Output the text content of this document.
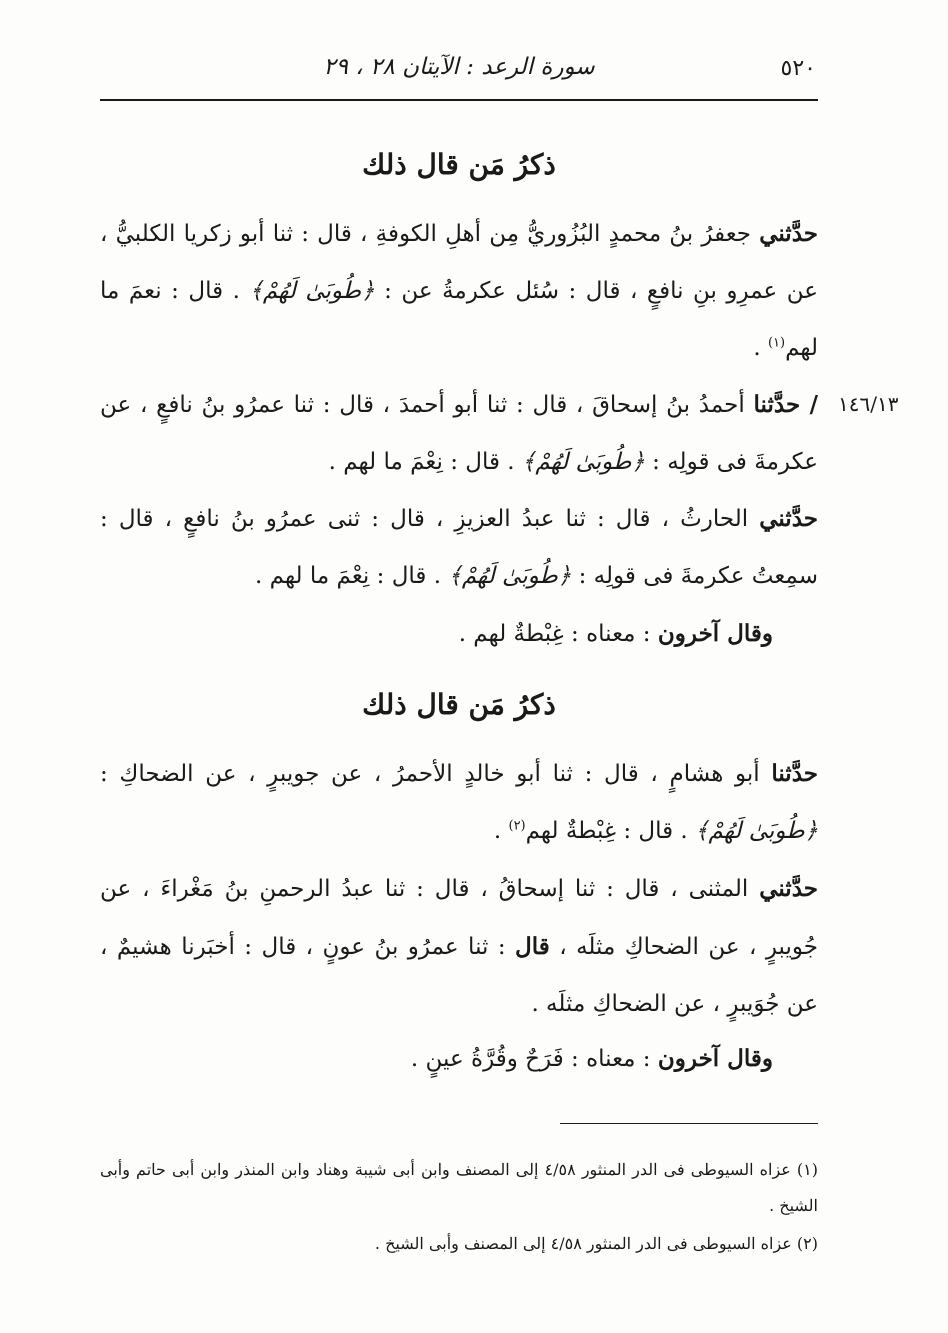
٥٢٠
سورة الرعد : الآيتان ٢٨ ، ٢٩
١٤٦/١٣
ذكرُ مَن قال ذلك
حدَّثني جعفرُ بنُ محمدٍ البُزُوريُّ مِن أهلِ الكوفةِ ، قال : ثنا أبو زكريا الكلبيُّ ، عن عمرِو بنِ نافعٍ ، قال : سُئل عكرمةُ عن : ﴿طُوبَىٰ لَهُمْ﴾ . قال : نعمَ ما لهم$^{(١)}$ .
/ حدَّثنا أحمدُ بنُ إسحاقَ ، قال : ثنا أبو أحمدَ ، قال : ثنا عمرُو بنُ نافعٍ ، عن عكرمةَ فى قولِه : ﴿طُوبَىٰ لَهُمْ﴾ . قال : نِعْمَ ما لهم .
حدَّثني الحارثُ ، قال : ثنا عبدُ العزيزِ ، قال : ثنى عمرُو بنُ نافعٍ ، قال : سمِعتُ عكرمةَ فى قولِه : ﴿طُوبَىٰ لَهُمْ﴾ . قال : نِعْمَ ما لهم .
وقال آخرون : معناه : غِبْطةٌ لهم .
ذكرُ مَن قال ذلك
حدَّثنا أبو هشامٍ ، قال : ثنا أبو خالدٍ الأحمرُ ، عن جويبرٍ ، عن الضحاكِ : ﴿طُوبَىٰ لَهُمْ﴾ . قال : غِبْطةٌ لهم$^{(٢)}$ .
حدَّثني المثنى ، قال : ثنا إسحاقُ ، قال : ثنا عبدُ الرحمنِ بنُ مَغْراءَ ، عن جُويبرٍ ، عن الضحاكِ مثلَه ، قال : ثنا عمرُو بنُ عونٍ ، قال : أخبَرنا هشيمٌ ، عن جُوَيبرٍ ، عن الضحاكِ مثلَه .
وقال آخرون : معناه : فَرَحٌ وقُرَّةُ عينٍ .
(١) عزاه السيوطى فى الدر المنثور ٤/٥٨ إلى المصنف وابن أبى شيبة وهناد وابن المنذر وابن أبى حاتم وأبى الشيخ .
(٢) عزاه السيوطى فى الدر المنثور ٤/٥٨ إلى المصنف وأبى الشيخ .
